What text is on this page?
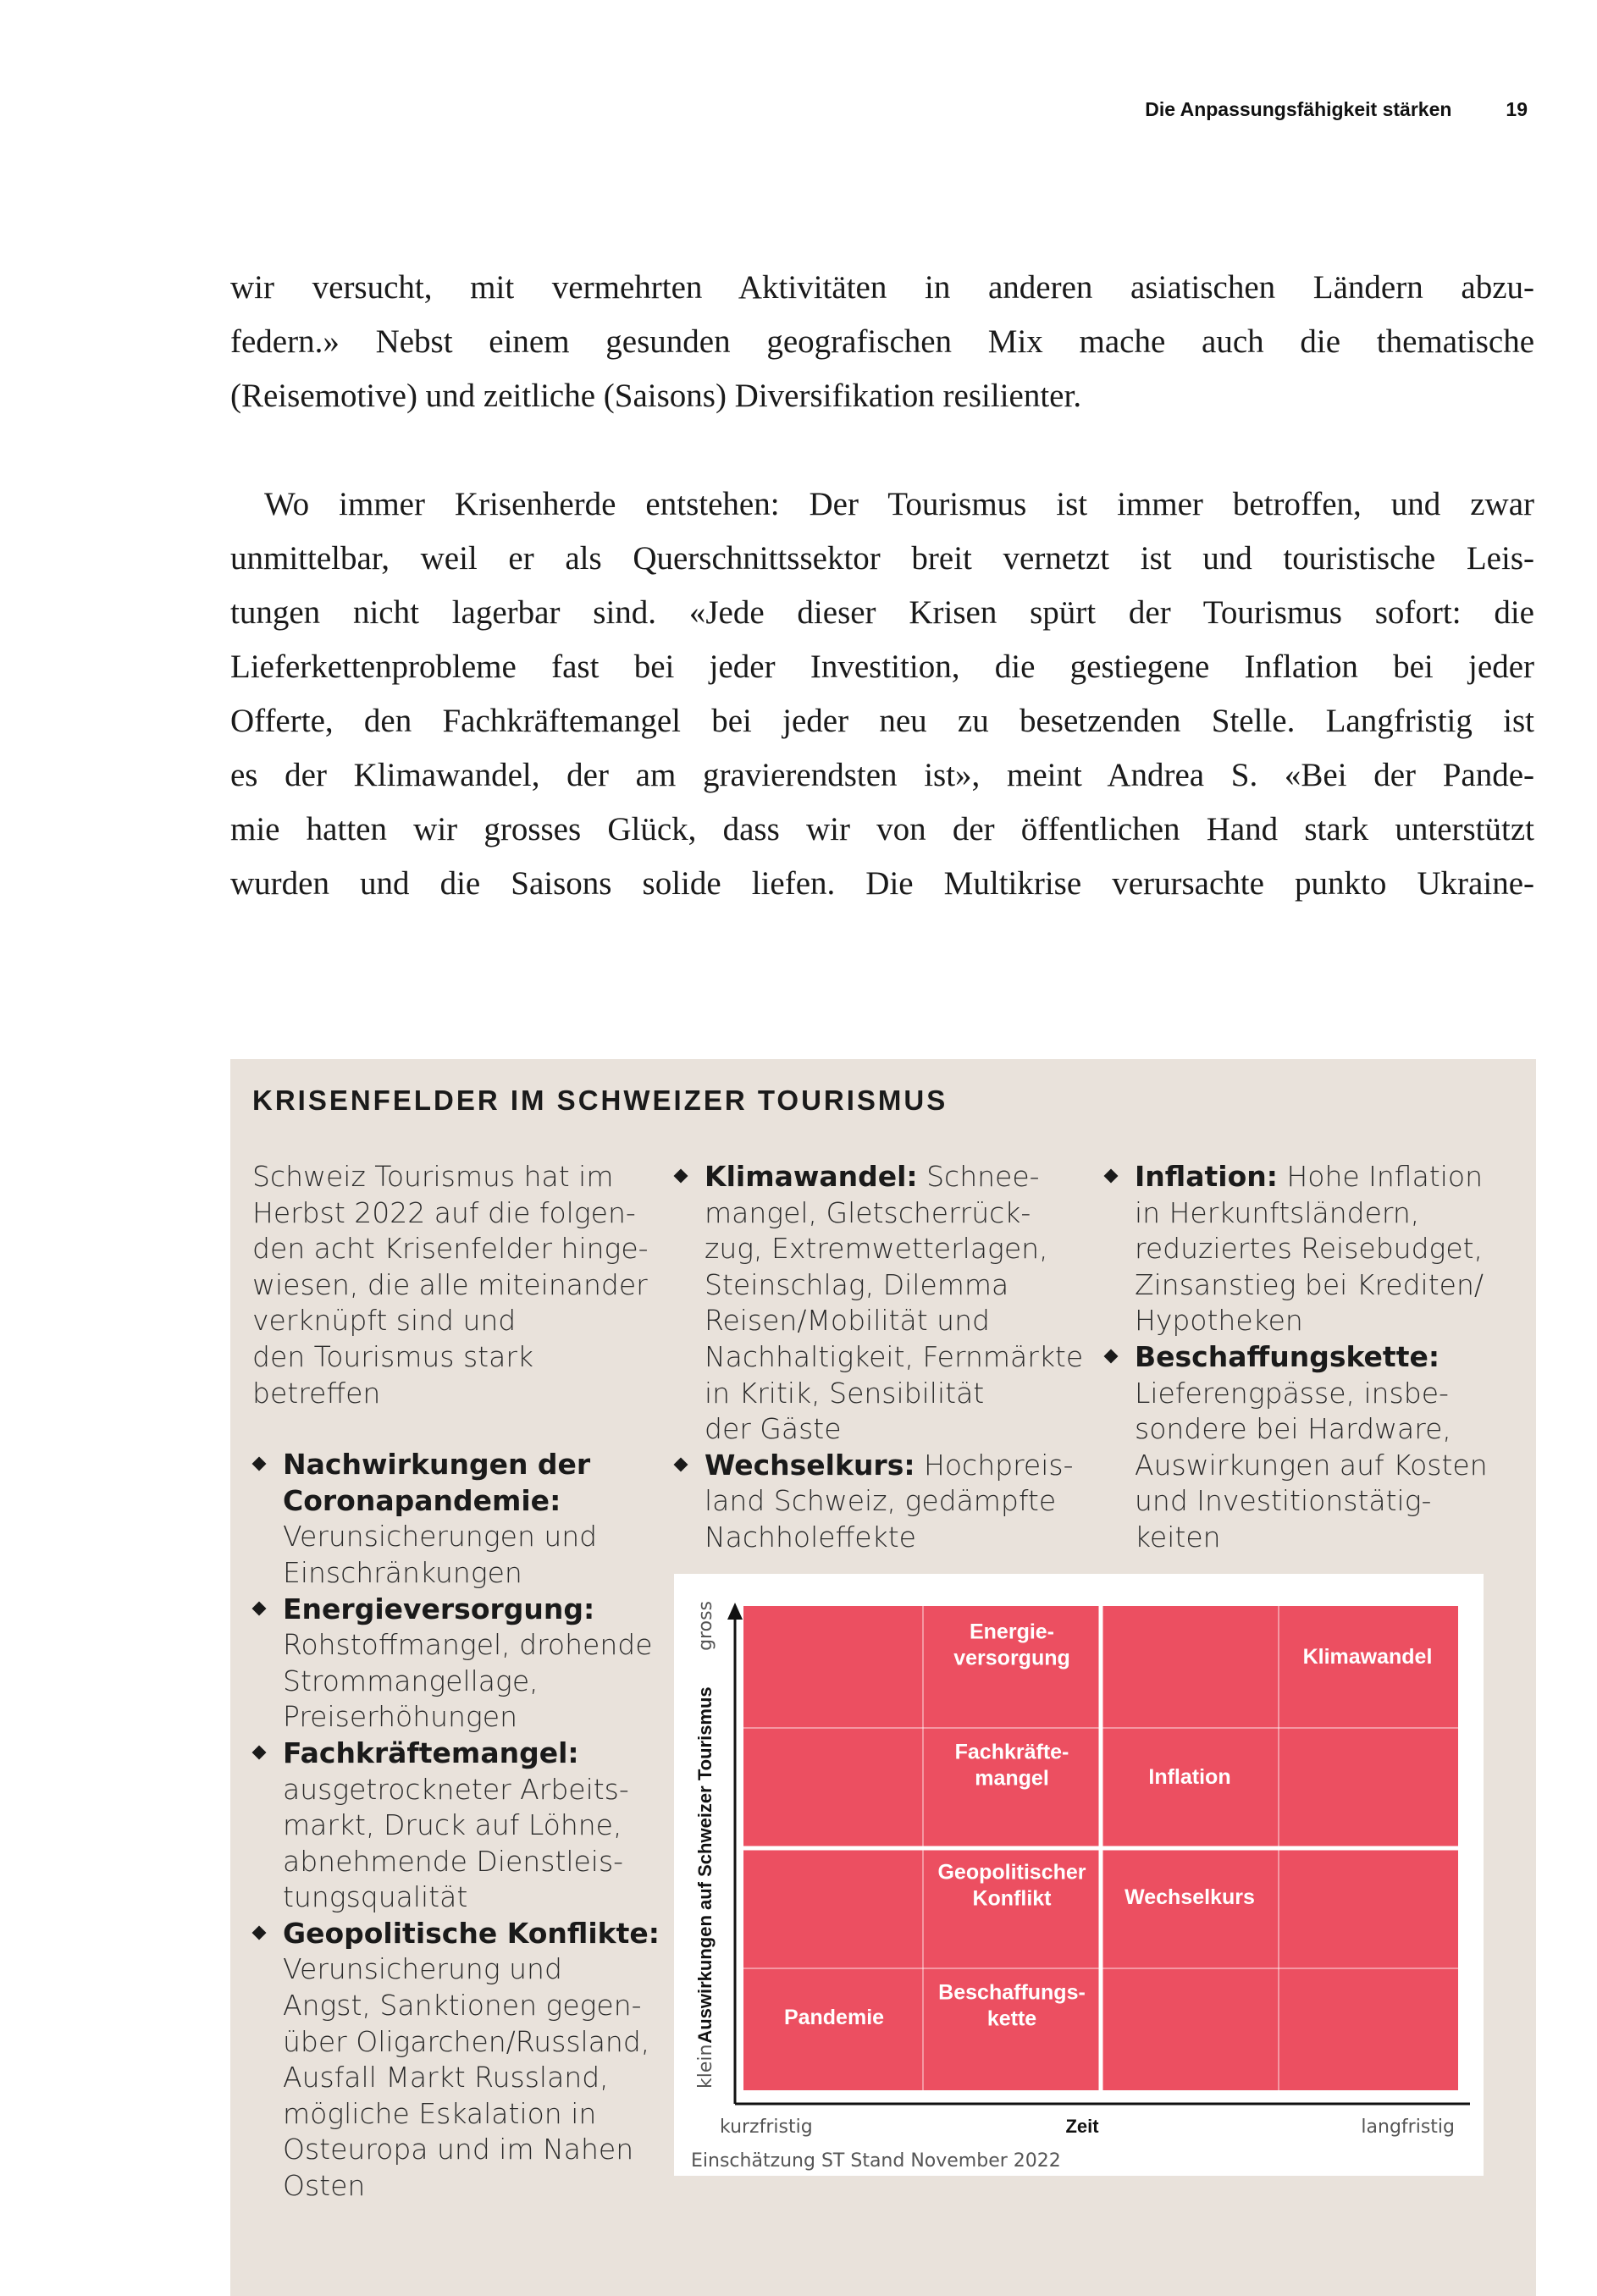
Die Anpassungsfähigkeit stärken	19
wir versucht, mit vermehrten Aktivitäten in anderen asiatischen Ländern abzu-
federn.» Nebst einem gesunden geografischen Mix mache auch die thematische
(Reisemotive) und zeitliche (Saisons) Diversifikation resilienter.
Wo immer Krisenherde entstehen: Der Tourismus ist immer betroffen, und zwar
unmittelbar, weil er als Querschnittssektor breit vernetzt ist und touristische Leis-
tungen nicht lagerbar sind. «Jede dieser Krisen spürt der Tourismus sofort: die
Lieferkettenprobleme fast bei jeder Investition, die gestiegene Inflation bei jeder
Offerte, den Fachkräftemangel bei jeder neu zu besetzenden Stelle. Langfristig ist
es der Klimawandel, der am gravierendsten ist», meint Andrea S. «Bei der Pande-
mie hatten wir grosses Glück, dass wir von der öffentlichen Hand stark unterstützt
wurden und die Saisons solide liefen. Die Multikrise verursachte punkto Ukraine-
KRISENFELDER IM SCHWEIZER TOURISMUS
Schweiz Tourismus hat im
Herbst 2022 auf die folgen-
den acht Krisenfelder hinge-
wiesen, die alle miteinander
verknüpft sind und
den Tourismus stark
betreffen
Nachwirkungen der
Coronapandemie:
Verunsicherungen und
Einschränkungen
Energieversorgung:
Rohstoffmangel, drohende
Strommangellage,
Preiserhöhungen
Fachkräftemangel:
ausgetrockneter Arbeits-
markt, Druck auf Löhne,
abnehmende Dienstleis-
tungsqualität
Geopolitische Konflikte:
Verunsicherung und
Angst, Sanktionen gegen-
über Oligarchen/Russland,
Ausfall Markt Russland,
mögliche Eskalation in
Osteuropa und im Nahen
Osten
Klimawandel: Schnee-
mangel, Gletscherrück-
zug, Extremwetterlagen,
Steinschlag, Dilemma
Reisen/Mobilität und
Nachhaltigkeit, Fernmärkte
in Kritik, Sensibilität
der Gäste
Wechselkurs: Hochpreis-
land Schweiz, gedämpfte
Nachholeffekte
Inflation: Hohe Inflation
in Herkunftsländern,
reduziertes Reisebudget,
Zinsanstieg bei Krediten/
Hypotheken
Beschaffungskette:
Lieferengpässe, insbe-
sondere bei Hardware,
Auswirkungen auf Kosten
und Investitionstätig-
keiten
Energie-versorgung	Klimawandel
Fachkräfte-mangel	Inflation
Geopolitischer Konflikt	Wechselkurs
Pandemie
Beschaffungs-kette
klein
Auswirkungen auf Schweizer Tourismus
gross
kurzfristig	Zeit	langfristig
Einschätzung ST Stand November 2022
